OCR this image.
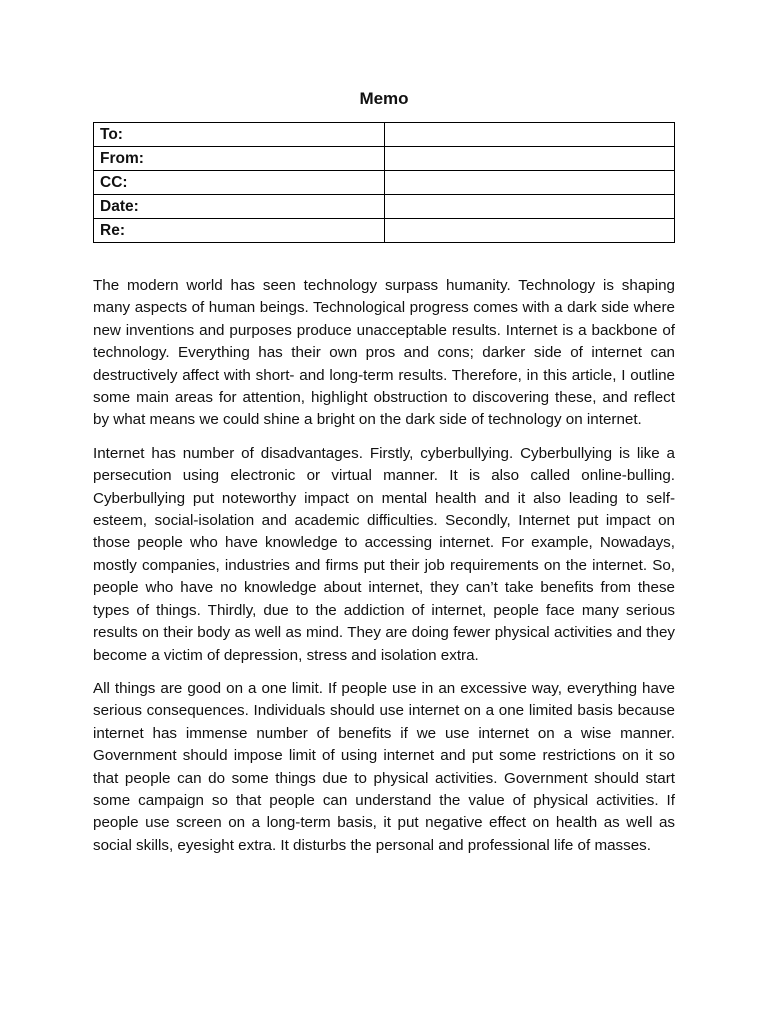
Memo
To:	
From:	
CC:	
Date:	
Re:	

The modern world has seen technology surpass humanity. Technology is shaping many aspects of human beings. Technological progress comes with a dark side where new inventions and purposes produce unacceptable results. Internet is a backbone of technology. Everything has their own pros and cons; darker side of internet can destructively affect with short- and long-term results. Therefore, in this article, I outline some main areas for attention, highlight obstruction to discovering these, and reflect by what means we could shine a bright on the dark side of technology on internet.

Internet has number of disadvantages. Firstly, cyberbullying. Cyberbullying is like a persecution using electronic or virtual manner. It is also called online-bulling. Cyberbullying put noteworthy impact on mental health and it also leading to self-esteem, social-isolation and academic difficulties. Secondly, Internet put impact on those people who have knowledge to accessing internet. For example, Nowadays, mostly companies, industries and firms put their job requirements on the internet. So, people who have no knowledge about internet, they can’t take benefits from these types of things. Thirdly, due to the addiction of internet, people face many serious results on their body as well as mind. They are doing fewer physical activities and they become a victim of depression, stress and isolation extra.

All things are good on a one limit. If people use in an excessive way, everything have serious consequences. Individuals should use internet on a one limited basis because internet has immense number of benefits if we use internet on a wise manner. Government should impose limit of using internet and put some restrictions on it so that people can do some things due to physical activities. Government should start some campaign so that people can understand the value of physical activities. If people use screen on a long-term basis, it put negative effect on health as well as social skills, eyesight extra. It disturbs the personal and professional life of masses.
